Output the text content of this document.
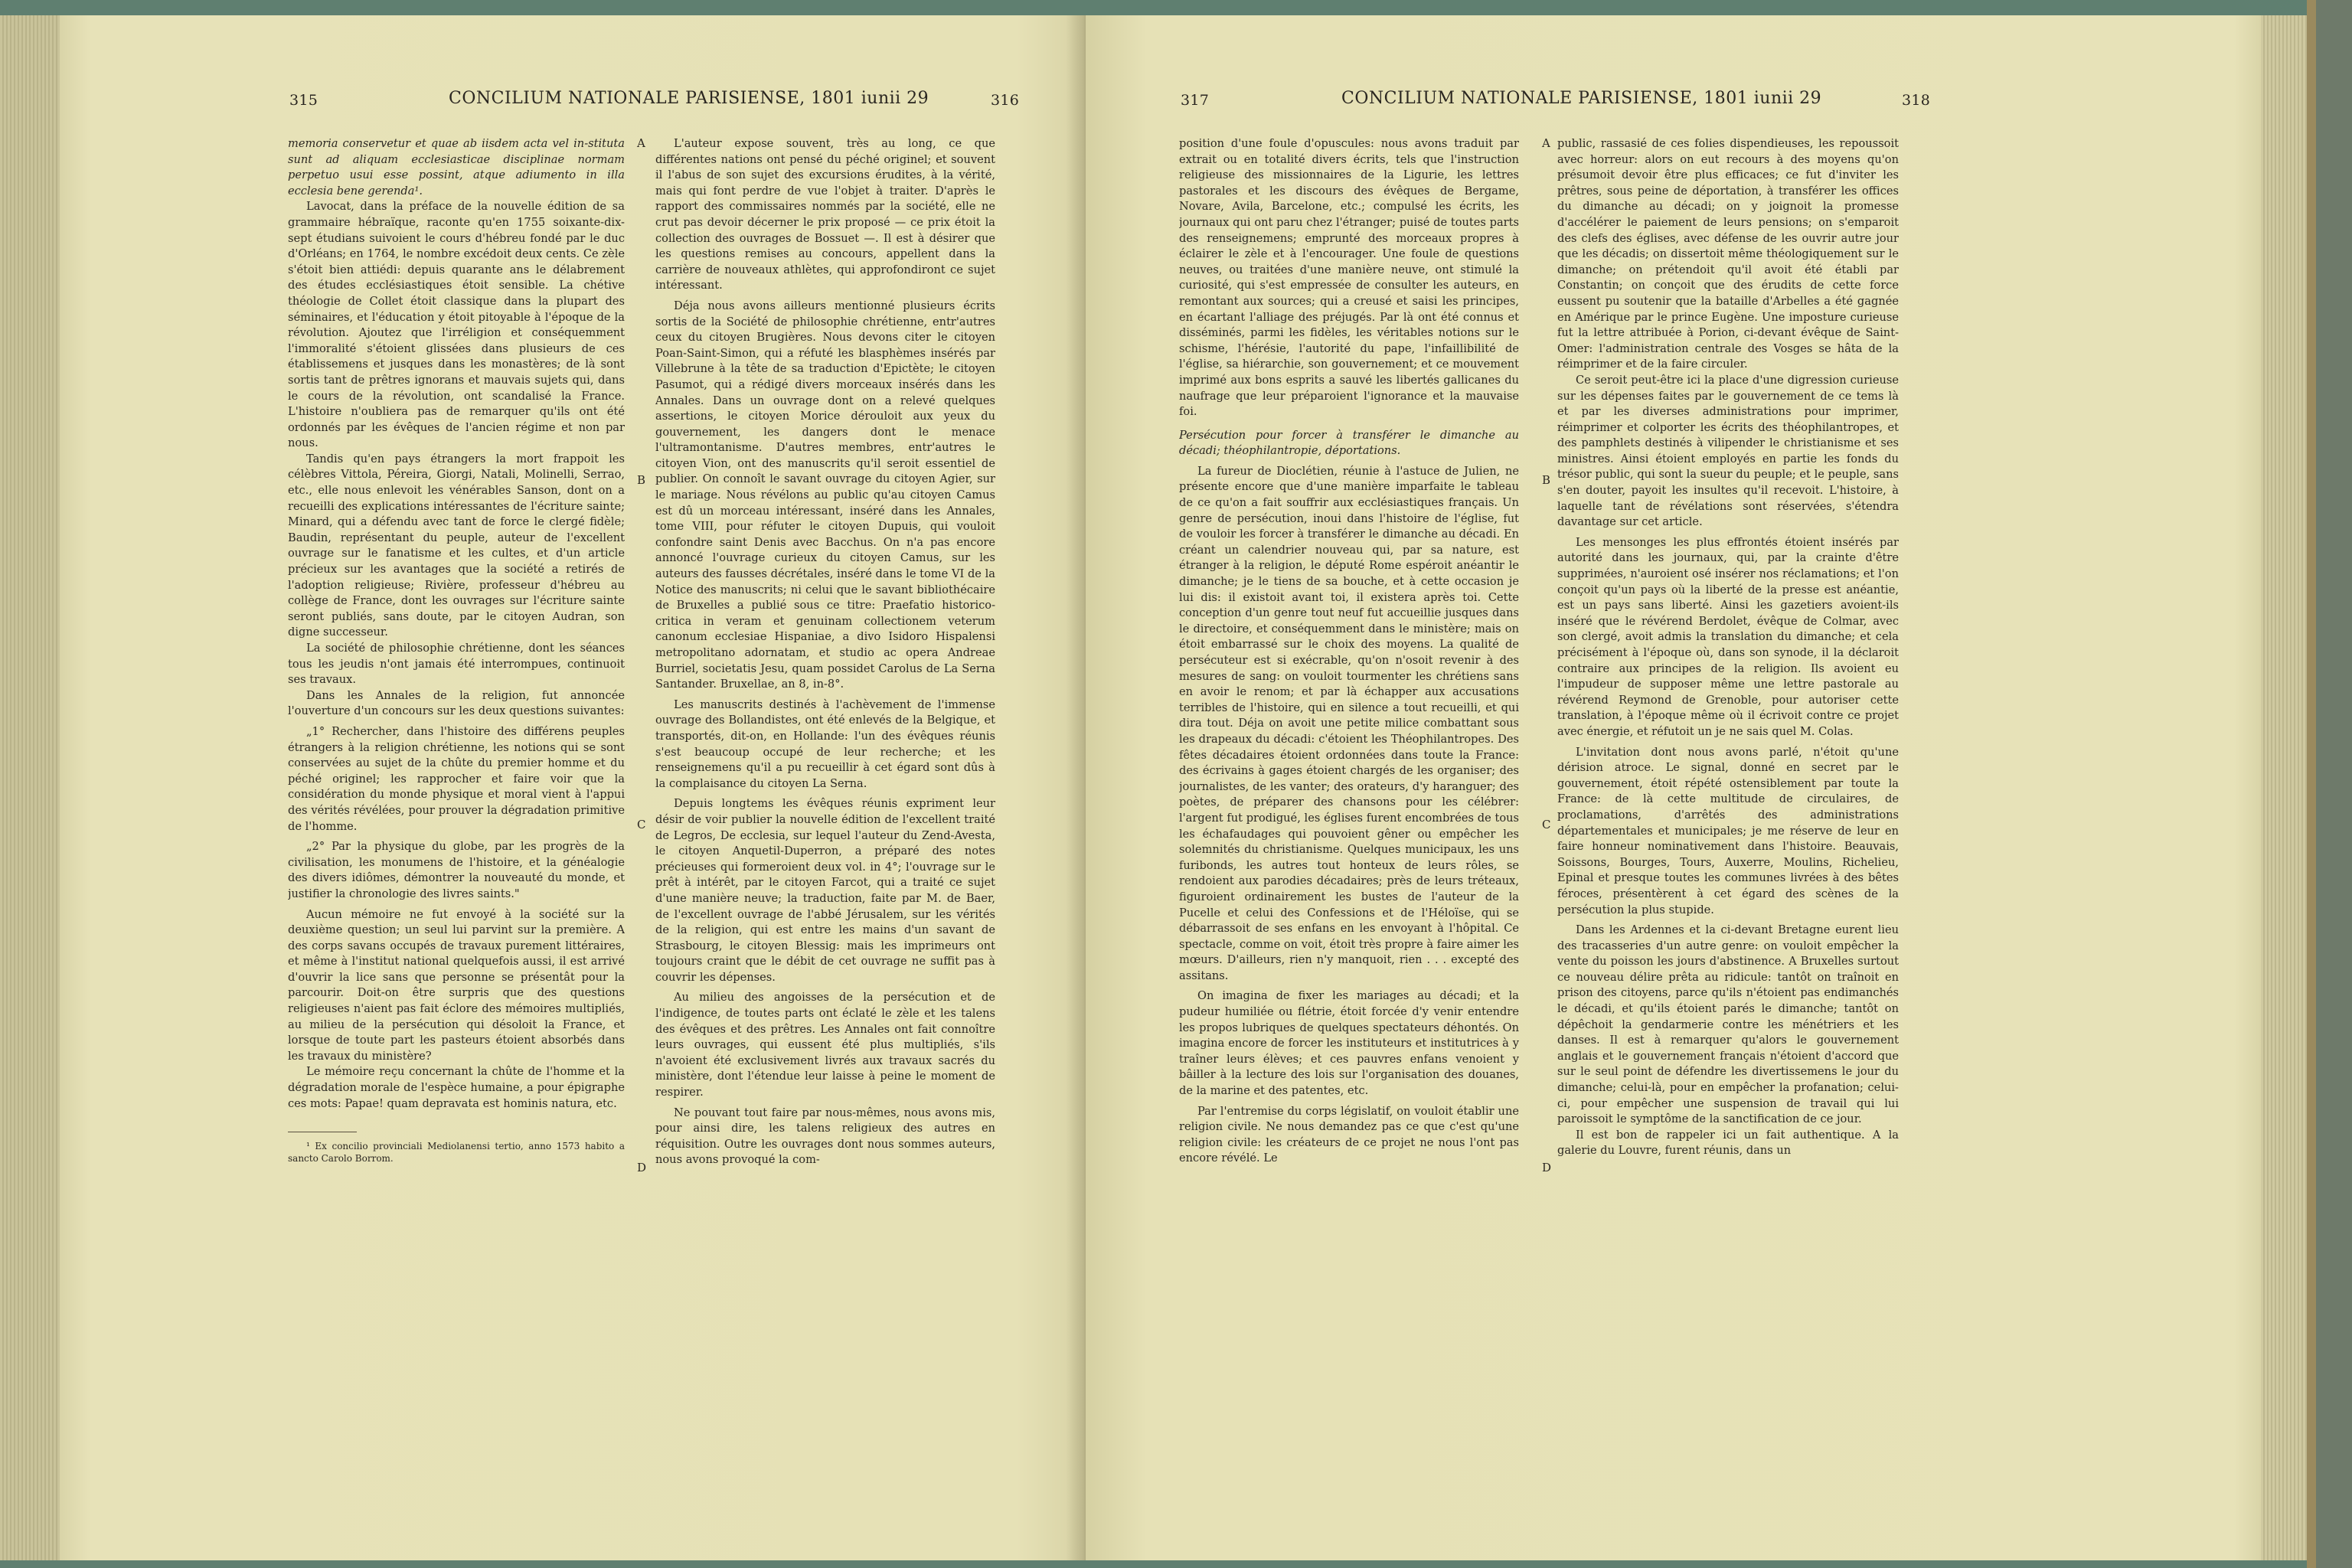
315	CONCILIUM NATIONALE PARISIENSE, 1801 iunii 29	316

memoria conservetur et quae ab iisdem acta vel in-stituta sunt ad aliquam ecclesiasticae disciplinae normam perpetuo usui esse possint, atque adiumento in illa ecclesia bene gerenda¹.

Lavocat, dans la préface de la nouvelle édition de sa grammaire hébraïque, raconte qu'en 1755 soixante-dix-sept étudians suivoient le cours d'hébreu fondé par le duc d'Orléans; en 1764, le nombre excédoit deux cents. Ce zèle s'étoit bien attiédi: depuis quarante ans le délabrement des études ecclésiastiques étoit sensible. La chétive théologie de Collet étoit classique dans la plupart des séminaires, et l'éducation y étoit pitoyable à l'époque de la révolution. Ajoutez que l'irréligion et conséquemment l'immoralité s'étoient glissées dans plusieurs de ces établissemens et jusques dans les monastères; de là sont sortis tant de prêtres ignorans et mauvais sujets qui, dans le cours de la révolution, ont scandalisé la France. L'histoire n'oubliera pas de remarquer qu'ils ont été ordonnés par les évêques de l'ancien régime et non par nous.

Tandis qu'en pays étrangers la mort frappoit les célèbres Vittola, Péreira, Giorgi, Natali, Molinelli, Serrao, etc., elle nous enlevoit les vénérables Sanson, dont on a recueilli des explications intéressantes de l'écriture sainte; Minard, qui a défendu avec tant de force le clergé fidèle; Baudin, représentant du peuple, auteur de l'excellent ouvrage sur le fanatisme et les cultes, et d'un article précieux sur les avantages que la société a retirés de l'adoption religieuse; Rivière, professeur d'hébreu au collège de France, dont les ouvrages sur l'écriture sainte seront publiés, sans doute, par le citoyen Audran, son digne successeur.

La société de philosophie chrétienne, dont les séances tous les jeudis n'ont jamais été interrompues, continuoit ses travaux.

Dans les Annales de la religion, fut annoncée l'ouverture d'un concours sur les deux questions suivantes:

„1° Rechercher, dans l'histoire des différens peuples étrangers à la religion chrétienne, les notions qui se sont conservées au sujet de la chûte du premier homme et du péché originel; les rapprocher et faire voir que la considération du monde physique et moral vient à l'appui des vérités révélées, pour prouver la dégradation primitive de l'homme.

„2° Par la physique du globe, par les progrès de la civilisation, les monumens de l'histoire, et la généalogie des divers idiômes, démontrer la nouveauté du monde, et justifier la chronologie des livres saints."

Aucun mémoire ne fut envoyé à la société sur la deuxième question; un seul lui parvint sur la première. A des corps savans occupés de travaux purement littéraires, et même à l'institut national quelquefois aussi, il est arrivé d'ouvrir la lice sans que personne se présentât pour la parcourir. Doit-on être surpris que des questions religieuses n'aient pas fait éclore des mémoires multipliés, au milieu de la persécution qui désoloit la France, et lorsque de toute part les pasteurs étoient absorbés dans les travaux du ministère?

Le mémoire reçu concernant la chûte de l'homme et la dégradation morale de l'espèce humaine, a pour épigraphe ces mots: Papae! quam depravata est hominis natura, etc.

¹ Ex concilio provinciali Mediolanensi tertio, anno 1573 habito a sancto Carolo Borrom.

L'auteur expose souvent, très au long, ce que différentes nations ont pensé du péché originel; et souvent il l'abus de son sujet des excursions érudites, à la vérité, mais qui font perdre de vue l'objet à traiter. D'après le rapport des commissaires nommés par la société, elle ne crut pas devoir décerner le prix proposé — ce prix étoit la collection des ouvrages de Bossuet —. Il est à désirer que les questions remises au concours, appellent dans la carrière de nouveaux athlètes, qui approfondiront ce sujet intéressant.

Déja nous avons ailleurs mentionné plusieurs écrits sortis de la Société de philosophie chrétienne, entr'autres ceux du citoyen Brugières. Nous devons citer le citoyen Poan-Saint-Simon, qui a réfuté les blasphèmes insérés par Villebrune à la tête de sa traduction d'Epictète; le citoyen Pasumot, qui a rédigé divers morceaux insérés dans les Annales. Dans un ouvrage dont on a relevé quelques assertions, le citoyen Morice dérouloit aux yeux du gouvernement, les dangers dont le menace l'ultramontanisme. D'autres membres, entr'autres le citoyen Vion, ont des manuscrits qu'il seroit essentiel de publier. On connoît le savant ouvrage du citoyen Agier, sur le mariage. Nous révélons au public qu'au citoyen Camus est dû un morceau intéressant, inséré dans les Annales, tome VIII, pour réfuter le citoyen Dupuis, qui vouloit confondre saint Denis avec Bacchus. On n'a pas encore annoncé l'ouvrage curieux du citoyen Camus, sur les auteurs des fausses décrétales, inséré dans le tome VI de la Notice des manuscrits; ni celui que le savant bibliothécaire de Bruxelles a publié sous ce titre: Praefatio historico-critica in veram et genuinam collectionem veterum canonum ecclesiae Hispaniae, a divo Isidoro Hispalensi metropolitano adornatam, et studio ac opera Andreae Burriel, societatis Jesu, quam possidet Carolus de La Serna Santander. Bruxellae, an 8, in-8°.

Les manuscrits destinés à l'achèvement de l'immense ouvrage des Bollandistes, ont été enlevés de la Belgique, et transportés, dit-on, en Hollande: l'un des évêques réunis s'est beaucoup occupé de leur recherche; et les renseignemens qu'il a pu recueillir à cet égard sont dûs à la complaisance du citoyen La Serna.

Depuis longtems les évêques réunis expriment leur désir de voir publier la nouvelle édition de l'excellent traité de Legros, De ecclesia, sur lequel l'auteur du Zend-Avesta, le citoyen Anquetil-Duperron, a préparé des notes précieuses qui formeroient deux vol. in 4°; l'ouvrage sur le prêt à intérêt, par le citoyen Farcot, qui a traité ce sujet d'une manière neuve; la traduction, faite par M. de Baer, de l'excellent ouvrage de l'abbé Jérusalem, sur les vérités de la religion, qui est entre les mains d'un savant de Strasbourg, le citoyen Blessig: mais les imprimeurs ont toujours craint que le débit de cet ouvrage ne suffit pas à couvrir les dépenses.

Au milieu des angoisses de la persécution et de l'indigence, de toutes parts ont éclaté le zèle et les talens des évêques et des prêtres. Les Annales ont fait connoître leurs ouvrages, qui eussent été plus multipliés, s'ils n'avoient été exclusivement livrés aux travaux sacrés du ministère, dont l'étendue leur laisse à peine le moment de respirer.

Ne pouvant tout faire par nous-mêmes, nous avons mis, pour ainsi dire, les talens religieux des autres en réquisition. Outre les ouvrages dont nous sommes auteurs, nous avons provoqué la com-

A
B
C
D
317	CONCILIUM NATIONALE PARISIENSE, 1801 iunii 29	318

position d'une foule d'opuscules: nous avons traduit par extrait ou en totalité divers écrits, tels que l'instruction religieuse des missionnaires de la Ligurie, les lettres pastorales et les discours des évêques de Bergame, Novare, Avila, Barcelone, etc.; compulsé les écrits, les journaux qui ont paru chez l'étranger; puisé de toutes parts des renseignemens; emprunté des morceaux propres à éclairer le zèle et à l'encourager. Une foule de questions neuves, ou traitées d'une manière neuve, ont stimulé la curiosité, qui s'est empressée de consulter les auteurs, en remontant aux sources; qui a creusé et saisi les principes, en écartant l'alliage des préjugés. Par là ont été connus et disséminés, parmi les fidèles, les véritables notions sur le schisme, l'hérésie, l'autorité du pape, l'infaillibilité de l'église, sa hiérarchie, son gouvernement; et ce mouvement imprimé aux bons esprits a sauvé les libertés gallicanes du naufrage que leur préparoient l'ignorance et la mauvaise foi.

Persécution pour forcer à transférer le dimanche au décadi; théophilantropie, déportations.

La fureur de Dioclétien, réunie à l'astuce de Julien, ne présente encore que d'une manière imparfaite le tableau de ce qu'on a fait souffrir aux ecclésiastiques français. Un genre de persécution, inoui dans l'histoire de l'église, fut de vouloir les forcer à transférer le dimanche au décadi. En créant un calendrier nouveau qui, par sa nature, est étranger à la religion, le député Rome espéroit anéantir le dimanche; je le tiens de sa bouche, et à cette occasion je lui dis: il existoit avant toi, il existera après toi. Cette conception d'un genre tout neuf fut accueillie jusques dans le directoire, et conséquemment dans le ministère; mais on étoit embarrassé sur le choix des moyens. La qualité de persécuteur est si exécrable, qu'on n'osoit revenir à des mesures de sang: on vouloit tourmenter les chrétiens sans en avoir le renom; et par là échapper aux accusations terribles de l'histoire, qui en silence a tout recueilli, et qui dira tout. Déja on avoit une petite milice combattant sous les drapeaux du décadi: c'étoient les Théophilantropes. Des fêtes décadaires étoient ordonnées dans toute la France: des écrivains à gages étoient chargés de les organiser; des journalistes, de les vanter; des orateurs, d'y haranguer; des poètes, de préparer des chansons pour les célébrer: l'argent fut prodigué, les églises furent encombrées de tous les échafaudages qui pouvoient gêner ou empêcher les solemnités du christianisme. Quelques municipaux, les uns furibonds, les autres tout honteux de leurs rôles, se rendoient aux parodies décadaires; près de leurs tréteaux, figuroient ordinairement les bustes de l'auteur de la Pucelle et celui des Confessions et de l'Héloïse, qui se débarrassoit de ses enfans en les envoyant à l'hôpital. Ce spectacle, comme on voit, étoit très propre à faire aimer les mœurs. D'ailleurs, rien n'y manquoit, rien . . . excepté des assitans.

On imagina de fixer les mariages au décadi; et la pudeur humiliée ou flétrie, étoit forcée d'y venir entendre les propos lubriques de quelques spectateurs déhontés. On imagina encore de forcer les instituteurs et institutrices à y traîner leurs élèves; et ces pauvres enfans venoient y bâiller à la lecture des lois sur l'organisation des douanes, de la marine et des patentes, etc.

Par l'entremise du corps législatif, on vouloit établir une religion civile. Ne nous demandez pas ce que c'est qu'une religion civile: les créateurs de ce projet ne nous l'ont pas encore révélé. Le

public, rassasié de ces folies dispendieuses, les repoussoit avec horreur: alors on eut recours à des moyens qu'on présumoit devoir être plus efficaces; ce fut d'inviter les prêtres, sous peine de déportation, à transférer les offices du dimanche au décadi; on y joignoit la promesse d'accélérer le paiement de leurs pensions; on s'emparoit des clefs des églises, avec défense de les ouvrir autre jour que les décadis; on dissertoit même théologiquement sur le dimanche; on prétendoit qu'il avoit été établi par Constantin; on conçoit que des érudits de cette force eussent pu soutenir que la bataille d'Arbelles a été gagnée en Amérique par le prince Eugène. Une imposture curieuse fut la lettre attribuée à Porion, ci-devant évêque de Saint-Omer: l'administration centrale des Vosges se hâta de la réimprimer et de la faire circuler.

Ce seroit peut-être ici la place d'une digression curieuse sur les dépenses faites par le gouvernement de ce tems là et par les diverses administrations pour imprimer, réimprimer et colporter les écrits des théophilantropes, et des pamphlets destinés à vilipender le christianisme et ses ministres. Ainsi étoient employés en partie les fonds du trésor public, qui sont la sueur du peuple; et le peuple, sans s'en douter, payoit les insultes qu'il recevoit. L'histoire, à laquelle tant de révélations sont réservées, s'étendra davantage sur cet article.

Les mensonges les plus effrontés étoient insérés par autorité dans les journaux, qui, par la crainte d'être supprimées, n'auroient osé insérer nos réclamations; et l'on conçoit qu'un pays où la liberté de la presse est anéantie, est un pays sans liberté. Ainsi les gazetiers avoient-ils inséré que le révérend Berdolet, évêque de Colmar, avec son clergé, avoit admis la translation du dimanche; et cela précisément à l'époque où, dans son synode, il la déclaroit contraire aux principes de la religion. Ils avoient eu l'impudeur de supposer même une lettre pastorale au révérend Reymond de Grenoble, pour autoriser cette translation, à l'époque même où il écrivoit contre ce projet avec énergie, et réfutoit un je ne sais quel M. Colas.

L'invitation dont nous avons parlé, n'étoit qu'une dérision atroce. Le signal, donné en secret par le gouvernement, étoit répété ostensiblement par toute la France: de là cette multitude de circulaires, de proclamations, d'arrêtés des administrations départementales et municipales; je me réserve de leur en faire honneur nominativement dans l'histoire. Beauvais, Soissons, Bourges, Tours, Auxerre, Moulins, Richelieu, Epinal et presque toutes les communes livrées à des bêtes féroces, présentèrent à cet égard des scènes de la persécution la plus stupide.

Dans les Ardennes et la ci-devant Bretagne eurent lieu des tracasseries d'un autre genre: on vouloit empêcher la vente du poisson les jours d'abstinence. A Bruxelles surtout ce nouveau délire prêta au ridicule: tantôt on traînoit en prison des citoyens, parce qu'ils n'étoient pas endimanchés le décadi, et qu'ils étoient parés le dimanche; tantôt on dépêchoit la gendarmerie contre les ménétriers et les danses. Il est à remarquer qu'alors le gouvernement anglais et le gouvernement français n'étoient d'accord que sur le seul point de défendre les divertissemens le jour du dimanche; celui-là, pour en empêcher la profanation; celui-ci, pour empêcher une suspension de travail qui lui paroissoit le symptôme de la sanctification de ce jour.

Il est bon de rappeler ici un fait authentique. A la galerie du Louvre, furent réunis, dans un

A
B
C
D
